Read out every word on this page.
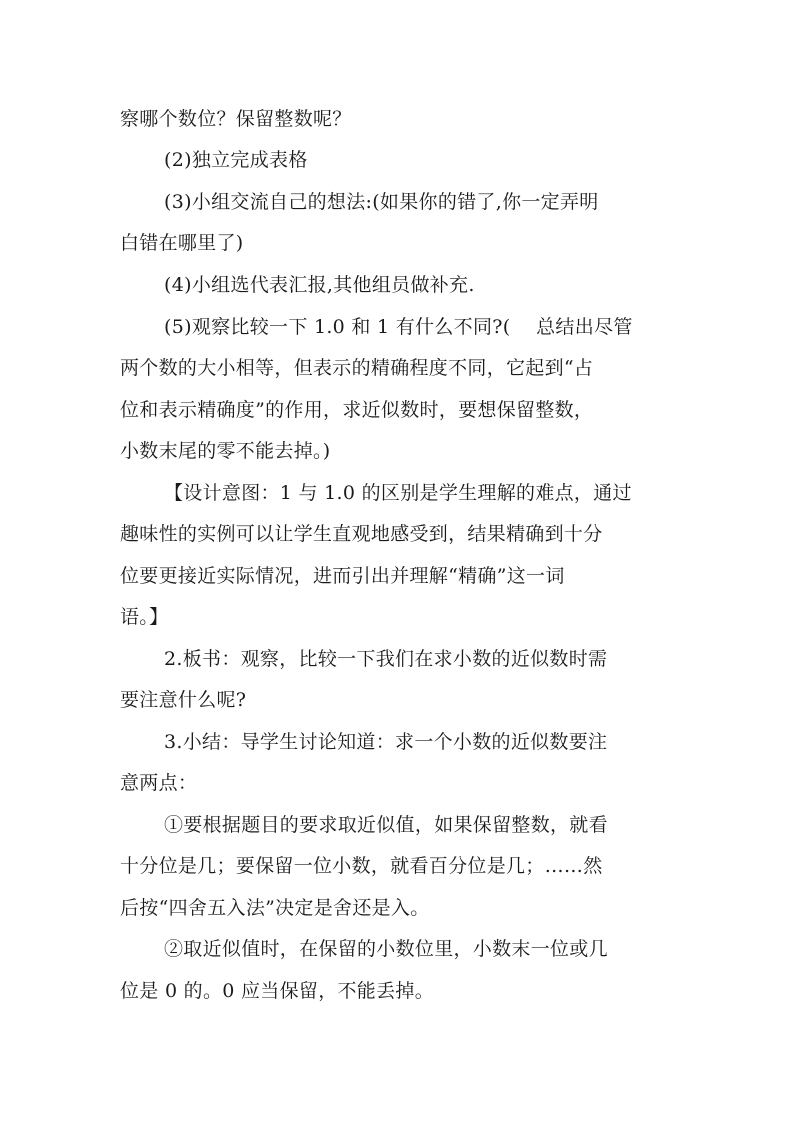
察哪个数位？保留整数呢？
(2)独立完成表格
(3)小组交流自己的想法:(如果你的错了,你一定弄明
白错在哪里了)
(4)小组选代表汇报,其他组员做补充.
(5)观察比较一下 1.0 和 1 有什么不同?(　 总结出尽管
两个数的大小相等，但表示的精确程度不同，它起到“占
位和表示精确度”的作用，求近似数时，要想保留整数，
小数末尾的零不能去掉。)
【设计意图：1 与 1.0 的区别是学生理解的难点，通过
趣味性的实例可以让学生直观地感受到，结果精确到十分
位要更接近实际情况，进而引出并理解“精确”这一词
语。】
2.板书：观察，比较一下我们在求小数的近似数时需
要注意什么呢?
3.小结：导学生讨论知道：求一个小数的近似数要注
意两点：
①要根据题目的要求取近似值，如果保留整数，就看
十分位是几；要保留一位小数，就看百分位是几；……然
后按“四舍五入法”决定是舍还是入。
②取近似值时，在保留的小数位里，小数末一位或几
位是 0 的。0 应当保留，不能丢掉。
